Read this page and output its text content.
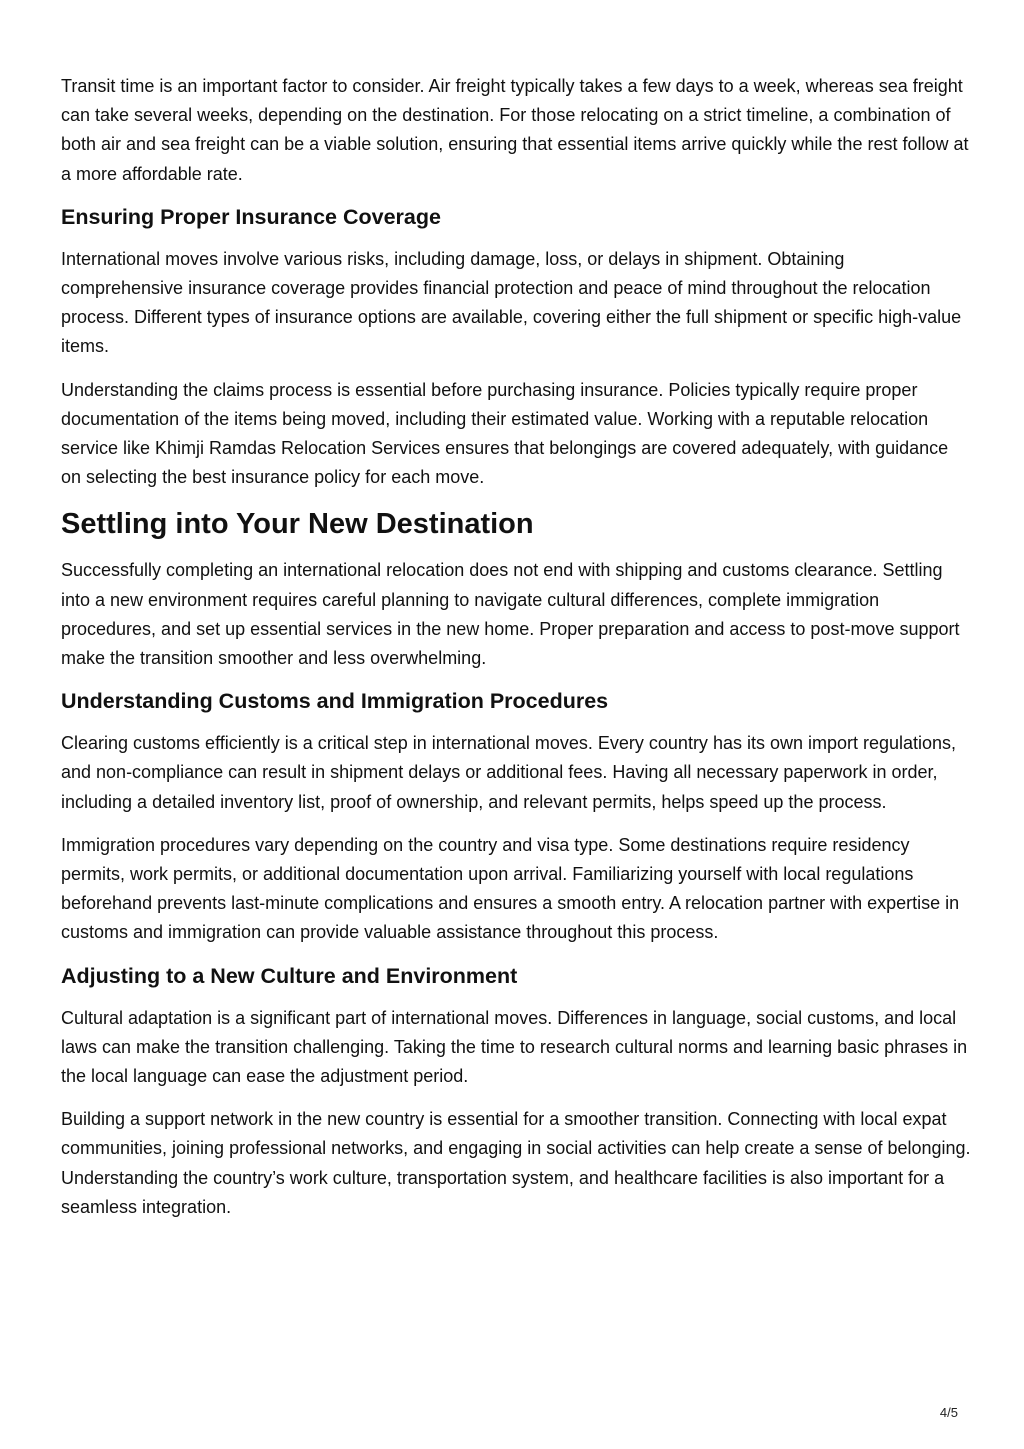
Transit time is an important factor to consider. Air freight typically takes a few days to a week, whereas sea freight can take several weeks, depending on the destination. For those relocating on a strict timeline, a combination of both air and sea freight can be a viable solution, ensuring that essential items arrive quickly while the rest follow at a more affordable rate.

Ensuring Proper Insurance Coverage

International moves involve various risks, including damage, loss, or delays in shipment. Obtaining comprehensive insurance coverage provides financial protection and peace of mind throughout the relocation process. Different types of insurance options are available, covering either the full shipment or specific high-value items.

Understanding the claims process is essential before purchasing insurance. Policies typically require proper documentation of the items being moved, including their estimated value. Working with a reputable relocation service like Khimji Ramdas Relocation Services ensures that belongings are covered adequately, with guidance on selecting the best insurance policy for each move.

Settling into Your New Destination

Successfully completing an international relocation does not end with shipping and customs clearance. Settling into a new environment requires careful planning to navigate cultural differences, complete immigration procedures, and set up essential services in the new home. Proper preparation and access to post-move support make the transition smoother and less overwhelming.

Understanding Customs and Immigration Procedures

Clearing customs efficiently is a critical step in international moves. Every country has its own import regulations, and non-compliance can result in shipment delays or additional fees. Having all necessary paperwork in order, including a detailed inventory list, proof of ownership, and relevant permits, helps speed up the process.

Immigration procedures vary depending on the country and visa type. Some destinations require residency permits, work permits, or additional documentation upon arrival. Familiarizing yourself with local regulations beforehand prevents last-minute complications and ensures a smooth entry. A relocation partner with expertise in customs and immigration can provide valuable assistance throughout this process.

Adjusting to a New Culture and Environment

Cultural adaptation is a significant part of international moves. Differences in language, social customs, and local laws can make the transition challenging. Taking the time to research cultural norms and learning basic phrases in the local language can ease the adjustment period.

Building a support network in the new country is essential for a smoother transition. Connecting with local expat communities, joining professional networks, and engaging in social activities can help create a sense of belonging. Understanding the country’s work culture, transportation system, and healthcare facilities is also important for a seamless integration.

4/5
